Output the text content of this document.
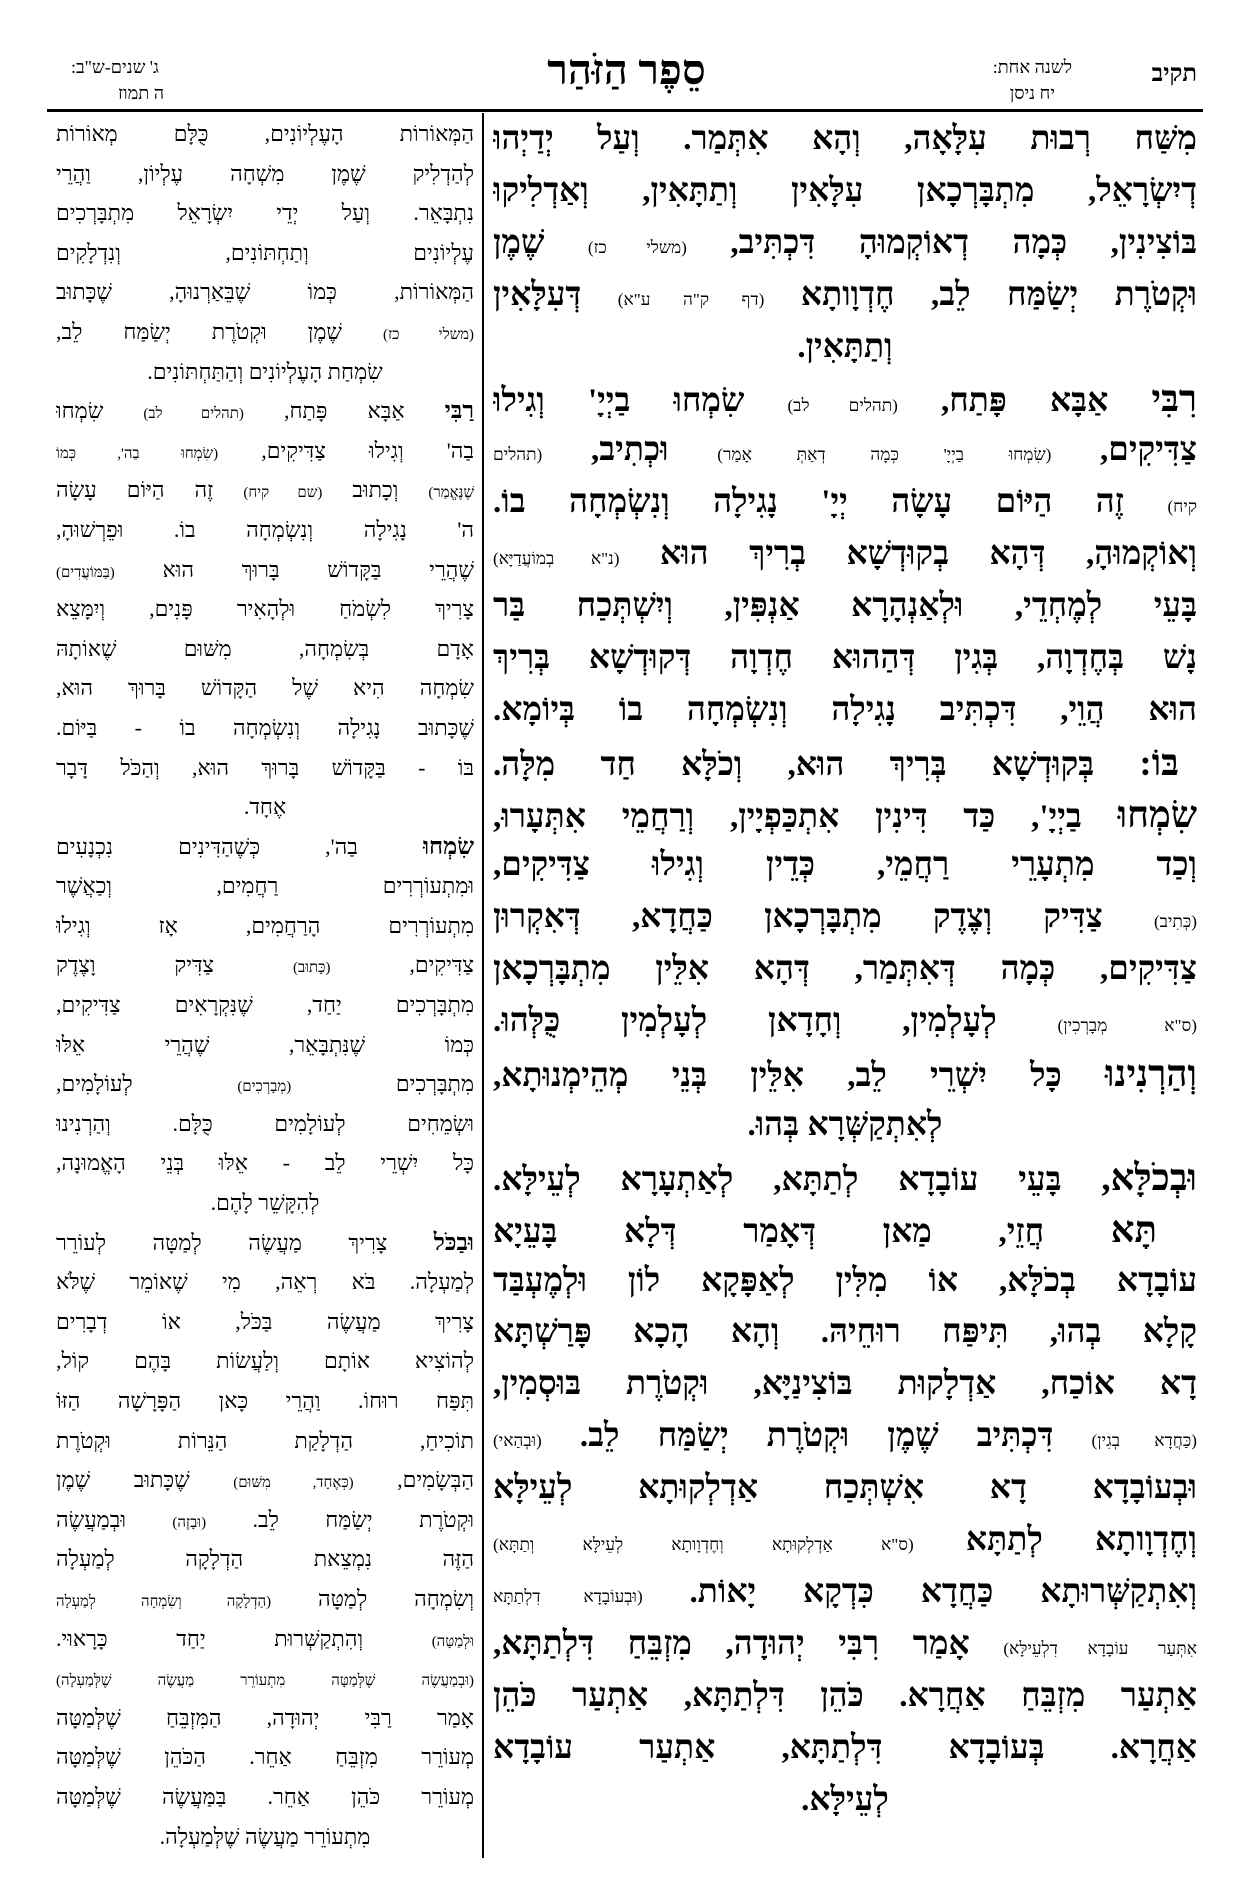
תקיב
לשנה אחת:
יח ניסן
סֵפֶר הַזֹּהַר
ג' שנים-ש"ב:
ה תמוז
מִשַּׁח רְבוּת עִלָּאָה, וְהָא אִתְּמַר. וְעַל יְדַיְהוּ
דְיִשְׂרָאֵל, מִתְבָּרְכָאן עִלָּאִין וְתַתָּאִין, וְאַדְלִיקוּ
בּוֹצִינִין, כְּמָה דְאוֹקְמוּהָ דִּכְתִּיב, (משלי כז) שֶׁמֶן
וּקְטֹרֶת יְשַׂמַּח לֵב, חֶדְוָותָא (דף ק"ה ע"א) דְּעִלָּאִין
וְתַתָּאִין.
רִבִּי אַבָּא פָּתַח, (תהלים לב) שִׂמְחוּ בַיְיָ' וְגִילוּ
צַדִּיקִים, (שִׂמְחוּ בַיְיָ' כְּמָה דְאַתְּ אָמַר) וּכְתִיב, (תהלים
קיח) זֶה הַיּוֹם עָשָׂה יְיָ' נָגִילָה וְנִשְׂמְחָה בוֹ.
וְאוֹקְמוּהָ, דְּהָא בְקוּדְשָׁא בְרִיךְ הוּא (נ"א בְמוֹעֲדַיָּא)
בָּעֵי לְמֶחְדֵי, וּלְאַנְהָרָא אַנְפִּין, וְיִשְׁתְּכַח בַּר
נָשׁ בְּחֶדְוָה, בְּגִין דְּהַהוּא חֶדְוָה דְּקוּדְשָׁא בְּרִיךְ
הוּא הֲוֵי, דִּכְתִּיב נָגִילָה וְנִשְׂמְחָה בוֹ בְּיוֹמָא.
בּוֹ: בְּקוּדְשָׁא בְּרִיךְ הוּא, וְכֹלָּא חַד מִלָּה.
שִׂמְחוּ בַיְיָ', כַּד דִּינִין אִתְכַּפְיָין, וְרַחֲמֵי אִתְּעָרוּ,
וְכַד מִתְעָרֵי רַחֲמֵי, כְּדֵין וְגִילוּ צַדִּיקִים,
(כְּתִיב) צַדִּיק וְצֶדֶק מִתְבָּרְכָאן כַּחֲדָא, דְּאִקְרוּן
צַדִּיקִים, כְּמָה דְּאִתְּמַר, דְּהָא אִלֵּין מִתְבָּרְכָאן
(ס"א מְבָרְכִין) לְעָלְמִין, וְחָדָאן לְעָלְמִין כֻּלְּהוּ.
וְהַרְנִינוּ כָּל יִשְׁרֵי לֵב, אִלֵּין בְּנֵי מְהֵימְנוּתָא,
לְאִתְקַשְּׁרָא בְּהוּ.
וּבְכֹלָּא, בָּעֵי עוֹבָדָא לְתַתָּא, לְאַתְעָרָא לְעֵילָּא.
תָּא חֲזֵי, מַאן דְּאָמַר דְּלָא בָּעֵיָא
עוֹבָדָא בְכֹלָּא, אוֹ מִלִּין לְאַפָּקָא לוֹן וּלְמֶעְבַּד
קָלָא בְהוּ, תִּיפַּח רוּחֵיהּ. וְהָא הָכָא פָּרַשְׁתָּא
דָא אוֹכַח, אַדְלָקוּת בּוֹצִינַיָּא, וּקְטֹרֶת בּוּסְמִין,
(כַּחֲדָא בְגִין) דִּכְתִּיב שֶׁמֶן וּקְטֹרֶת יְשַׂמַּח לֵב. (וּבְהַאי)
וּבְעוֹבָדָא דָא אִשְׁתְּכַח אַדְלְקוּתָא לְעֵילָּא
וְחֶדְוָותָא לְתַתָּא (ס"א אַדְלְקוּתָא וְחֶדְוָותָא לְעֵילָּא וְתַתָּא)
וְאִתְקַשְּׁרוּתָא כַּחֲדָא כִּדְקָא יָאוֹת. (וּבְעוֹבָדָא דִלְתַתָּא
אִתְּעַר עוֹבָדָא דִלְעֵילָּא) אָמַר רִבִּי יְהוּדָה, מִזְבֵּחַ דִּלְתַתָּא,
אַתְעַר מִזְבֵּחַ אַחֲרָא. כֹּהֵן דִּלְתַתָּא, אַתְעַר כֹּהֵן
אַחֲרָא. בְּעוֹבָדָא דִּלְתַתָּא, אַתְעַר עוֹבָדָא
לְעֵילָּא.
הַמְּאוֹרוֹת הָעֶלְיוֹנִים, כֻּלָּם מְאוֹרוֹת
לְהַדְלִיק שֶׁמֶן מִשְׁחָה עֶלְיוֹן, וַהֲרֵי
נִתְבָּאֵר. וְעַל יְדֵי יִשְׂרָאֵל מִתְבָּרְכִים
עֶלְיוֹנִים וְתַחְתּוֹנִים, וְנִדְלָקִים
הַמְּאוֹרוֹת, כְּמוֹ שֶׁבֵּאַרְנוּהָ, שֶׁכָּתוּב
(משלי כז) שֶׁמֶן וּקְטֹרֶת יְשַׂמַּח לֵב,
שִׂמְחַת הָעֶלְיוֹנִים וְהַתַּחְתּוֹנִים.
רַבִּי אַבָּא פָּתַח, (תהלים לב) שִׂמְחוּ
בַה' וְגִילוּ צַדִּיקִים, (שִׂמְחוּ בַה', כְּמוֹ
שֶׁנֶּאֱמַר) וְכָתוּב (שם קיח) זֶה הַיּוֹם עָשָׂה
ה' נָגִילָה וְנִשְׂמְחָה בוֹ. וּפֵרְשׁוּהָ,
שֶׁהֲרֵי בַּקָּדוֹשׁ בָּרוּךְ הוּא (בַּמּוֹעֲדִים)
צָרִיךְ לִשְׂמֹחַ וּלְהָאִיר פָּנִים, וְיִמָּצֵא
אָדָם בְּשִׂמְחָה, מִשּׁוּם שֶׁאוֹתָהּ
שִׂמְחָה הִיא שֶׁל הַקָּדוֹשׁ בָּרוּךְ הוּא,
שֶׁכָּתוּב נָגִילָה וְנִשְׂמְחָה בוֹ - בַּיּוֹם.
בּוֹ - בַּקָּדוֹשׁ בָּרוּךְ הוּא, וְהַכֹּל דָּבָר
אֶחָד.
שִׂמְחוּ בַה', כְּשֶׁהַדִּינִים נִכְנָעִים
וּמִתְעוֹרְרִים רַחֲמִים, וְכַאֲשֶׁר
מִתְעוֹרְרִים הָרַחֲמִים, אָז וְגִילוּ
צַדִּיקִים, (כָּתוּב) צַדִּיק וָצֶדֶק
מִתְבָּרְכִים יַחַד, שֶׁנִּקְרָאִים צַדִּיקִים,
כְּמוֹ שֶׁנִּתְבָּאֵר, שֶׁהֲרֵי אֵלּוּ
מִתְבָּרְכִים (מְבָרְכִים) לְעוֹלָמִים,
וּשְׂמֵחִים לְעוֹלָמִים כֻּלָּם. וְהַרְנִינוּ
כָּל יִשְׁרֵי לֵב - אֵלּוּ בְּנֵי הָאֱמוּנָה,
לְהִקָּשֵׁר לָהֶם.
וּבַכֹּל צָרִיךְ מַעֲשֶׂה לְמַטָּה לְעוֹרֵר
לְמַעְלָה. בֹּא רְאֵה, מִי שֶׁאוֹמֵר שֶׁלֹּא
צָרִיךְ מַעֲשֶׂה בַּכֹּל, אוֹ דְבָרִים
לְהוֹצִיא אוֹתָם וְלַעֲשׂוֹת בָּהֶם קוֹל,
תִּפַּח רוּחוֹ. וַהֲרֵי כָּאן הַפָּרָשָׁה הַזּוֹ
תוֹכִיחַ, הַדְלָקַת הַנֵּרוֹת וּקְטֹרֶת
הַבְּשָׂמִים, (כְּאֶחָד, מִשּׁוּם) שֶׁכָּתוּב שֶׁמֶן
וּקְטֹרֶת יְשַׂמַּח לֵב. (וּבָזֶה) וּבְמַעֲשֶׂה
הַזֶּה נִמְצֵאת הַדְלָקָה לְמַעְלָה
וְשִׂמְחָה לְמַטָּה (הַדְלָקָה וְשִׂמְחָה לְמַעְלָה
וּלְמַטָּה) וְהִתְקַשְּׁרוּת יַחַד כָּרָאוּי.
(וּבְמַעֲשֶׂה שֶׁלְּמַטָּה מִתְעוֹרֵר מַעֲשֶׂה שֶׁלְּמַעְלָה)
אָמַר רַבִּי יְהוּדָה, הַמִּזְבֵּחַ שֶׁלְּמַטָּה
מְעוֹרֵר מִזְבֵּחַ אַחֵר. הַכֹּהֵן שֶׁלְּמַטָּה
מְעוֹרֵר כֹּהֵן אַחֵר. בַּמַּעֲשֶׂה שֶׁלְּמַטָּה
מִתְעוֹרֵר מַעֲשֶׂה שֶׁלְּמַעְלָה.
